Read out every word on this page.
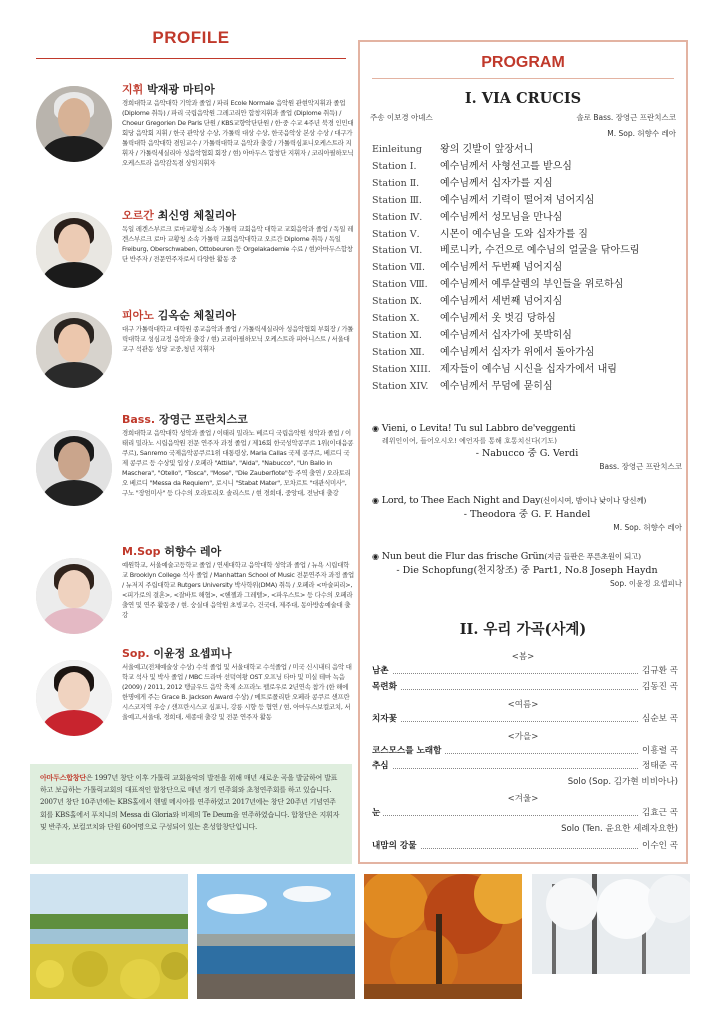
PROFILE
지휘 박재광 마티아
경희대학교 음악대학 기악과 졸업 / 파리 Ecole Normale 음악원 관현악지휘과 졸업 (Diplome 취득) / 파리 국립음악원 그레고리안 합창지휘과 졸업 (Diplome 취득) / Choeur Gregorien De Paris 단원 / KBS교향악단단원 / 한·중 수교 4주년 북경 인민대회당 음악회 지휘 / 한국 관악상 수상, 가톨릭 대상 수상, 한국음악상 본상 수상 / 대구가톨릭대학 음악대학 겸임교수 / 가톨릭대학교 음악과 출강 / 가톨릭심포니오케스트라 지휘자 / 가톨릭세실리아 성음악협회 회장 / 현) 아마두스 합창단 지휘자 / 코리아필하모닉오케스트라 음악감독겸 상임지휘자
오르간 최신영 체칠리아
독일 레겐스부르크 로마교황청 소속 가톨릭 교회음악 대학교 교회음악과 졸업 / 독일 레겐스부르크 로마 교황청 소속 가톨릭 교회음악대학교 오르간 Diplome 취득 / 독일 Freiburg, Oberschwaben, Ottobeuren 등 Orgelakademie 수료 / 현)아마두스합창단 반주자 / 전문연주자로서 다양한 활동 중
피아노 김옥순 체칠리아
대구 가톨릭대학교 대학원 종교음악과 졸업 / 가톨릭세실리아 성음악협회 부회장 / 가톨릭대학교 성심교정 음악과 출강 / 현) 코리아필하모닉 오케스트라 피아니스트 / 서울대교구 석관동 성당 교중,청년 지휘자
Bass. 장영근 프란치스코
경희대학교 음악대학 성악과 졸업 / 이태리 밀라노 베르디 국립음악원 성악과 졸업 / 이태리 밀라노 시립음악원 전문 연주자 과정 졸업 / 제16회 한국성악콩쿠르 1위(이대음콩쿠르), Sanremo 국제음악콩쿠르1위 대통령상, Maria Callas 국제 콩쿠르, 베르디 국제 콩쿠르 등 수상및 입상 / 오페라 "Attila", "Aida", "Nabucco", "Un Ballo in Maschera", "Otello", "Tosca", "Mose", "Die Zauberflote"등 주역 출연 / 오라토리오 베르디 "Messa da Requiem", 로시니 "Stabat Mater", 모차르트 "대관식미사", 구노 "장엄미사" 등 다수의 오라토리오 솔리스트 / 현 경희대, 중앙대, 전남대 출강
M.Sop 허향수 레아
예원학교, 서울예술고등학교 졸업 / 연세대학교 음악대학 성악과 졸업 / 뉴욕 시립대학교 Brooklyn College 석사 졸업 / Manhattan School of Music 전문연주자 과정 졸업 / 뉴저지 주립대학교 Rutgers University 박사학위(DMA) 취득 / 오페라 <마술피리>, <피가로의 결혼>, <잘바트 해협>, <헨젤과 그레텔>, <파우스트> 등 다수의 오페라 출연 및 연주 활동중 / 현. 숭실대 음악원 초빙교수, 건국대, 제주대, 동아방송예술대 출강
Sop. 이윤정 요셉피나
서울예고(전체예술상 수상) 수석 졸업 및 서울대학교 수석졸업 / 미국 신시내티 음악 대학교 석사 및 박사 졸업 / MBC 드라마 선덕여왕 OST 오프닝 타마 및 미실 테마 녹음(2009) / 2011, 2012 탱글우드 음악 축제 소프라노 펠로우로 2년연속 참가 (한 해에 한명에게 주는 Grace B. Jackson Award 수상) / 메트로폴리탄 오페라 콩쿠르 샌프란시스코지역 우승 / 샌프란시스코 심포니, 강릉 시향 등 협연 / 현, 아마두스보컬코치, 서울예고,서울대, 경희대, 세종대 출강 및 전문 연주자 활동
아마두스합창단은 1997년 창단 이후 가톨릭 교회음악의 발전을 위해 매년 새로운 곡을 발굴하여 발표하고 보급하는 가톨릭교회의 대표적인 합창단으로 매년 정기 연주회와 초청연주회를 하고 있습니다. 2007년 창단 10주년에는 KBS홀에서 헨델 메시아를 연주하였고 2017년에는 창단 20주년 기념연주회를 KBS홀에서 푸치니의 Messa di Gloria와 비제의 Te Deum을 연주하였습니다. 합창단은 지휘자 및 반주자, 보컬코치와 단원 60여명으로 구성되어 있는 혼성합창단입니다.
PROGRAM
I. VIA CRUCIS
주송 이보경 아녜스	솔로 Bass. 장영근 프란치스코
M. Sop. 허향수 레아
Einleitung 왕의 깃발이 앞장서니
Station Ⅰ. 예수님께서 사형선고를 받으심
Station Ⅱ. 예수님께서 십자가를 지심
Station Ⅲ. 예수님께서 기력이 떨어져 넘어지심
Station Ⅳ. 예수님께서 성모님을 만나심
Station Ⅴ. 시몬이 예수님을 도와 십자가를 짐
Station Ⅵ. 베로니카, 수건으로 예수님의 얼굴을 닦아드림
Station Ⅶ. 예수님께서 두번째 넘어지심
Station Ⅷ. 예수님께서 예루살렘의 부인들을 위로하심
Station Ⅸ. 예수님께서 세번째 넘어지심
Station Ⅹ. 예수님께서 옷 벗김 당하심
Station Ⅺ. 예수님께서 십자가에 못박히심
Station Ⅻ. 예수님께서 십자가 위에서 돌아가심
Station XIII. 제자들이 예수님 시신을 십자가에서 내림
Station XIV. 예수님께서 무덤에 묻히심
◉ Vieni, o Levita! Tu sul Labbro de'veggenti
레위인이여, 들어오시오! 예언자를 통해 호통치신다(기도)
- Nabucco 중 G. Verdi
Bass. 장영근 프란치스코
◉ Lord, to Thee Each Night and Day(신이시여, 밤이나 낮이나 당신께)
- Theodora 중 G. F. Handel
M. Sop. 허향수 레아
◉ Nun beut die Flur das frische Grün(지금 들판은 푸른초원이 되고)
- Die Schopfung(천지창조) 중 Part1, No.8 Joseph Haydn
Sop. 이윤정 요셉피나
II. 우리 가곡(사계)
<봄>
남촌	김규환 곡
목련화	김동진 곡
<여름>
치자꽃	심순보 곡
<가을>
코스모스를 노래함	이흥렬 곡
추심	정태준 곡
Solo (Sop. 김가현 비비아나)
<겨울>
눈	김효근 곡
Solo (Ten. 윤요한 세례자요한)
내맘의 강물	이수인 곡
